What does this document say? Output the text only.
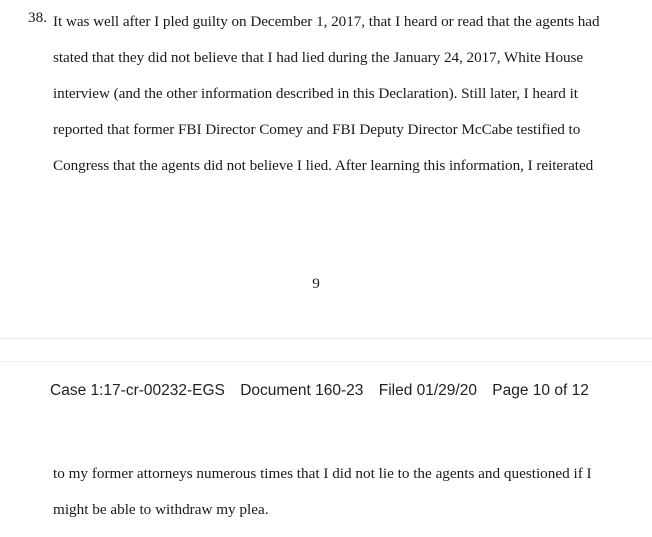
38. It was well after I pled guilty on December 1, 2017, that I heard or read that the agents had
stated that they did not believe that I had lied during the January 24, 2017, White House
interview (and the other information described in this Declaration). Still later, I heard it
reported that former FBI Director Comey and FBI Deputy Director McCabe testified to
Congress that the agents did not believe I lied. After learning this information, I reiterated
9
Case 1:17-cr-00232-EGS Document 160-23 Filed 01/29/20 Page 10 of 12
to my former attorneys numerous times that I did not lie to the agents and questioned if I
might be able to withdraw my plea.
